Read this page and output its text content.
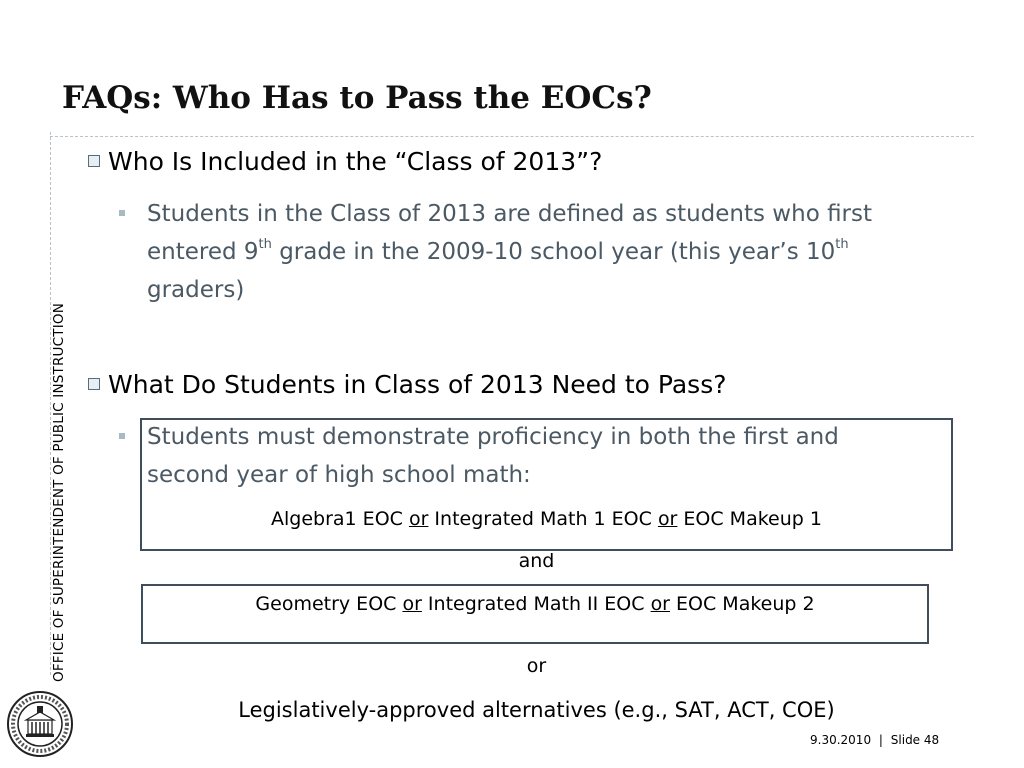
OFFICE OF SUPERINTENDENT OF PUBLIC INSTRUCTION
FAQs: Who Has to Pass the EOCs?
Who Is Included in the “Class of 2013”?
Students in the Class of 2013 are defined as students who first
entered 9th grade in the 2009-10 school year (this year’s 10th
graders)
What Do Students in Class of 2013 Need to Pass?
Students must demonstrate proficiency in both the first and
second year of high school math:
Algebra1 EOC or Integrated Math 1 EOC or EOC Makeup 1
and
Geometry EOC or Integrated Math II EOC or EOC Makeup 2
or
Legislatively-approved alternatives (e.g., SAT, ACT, COE)
9.30.2010 | Slide 48
